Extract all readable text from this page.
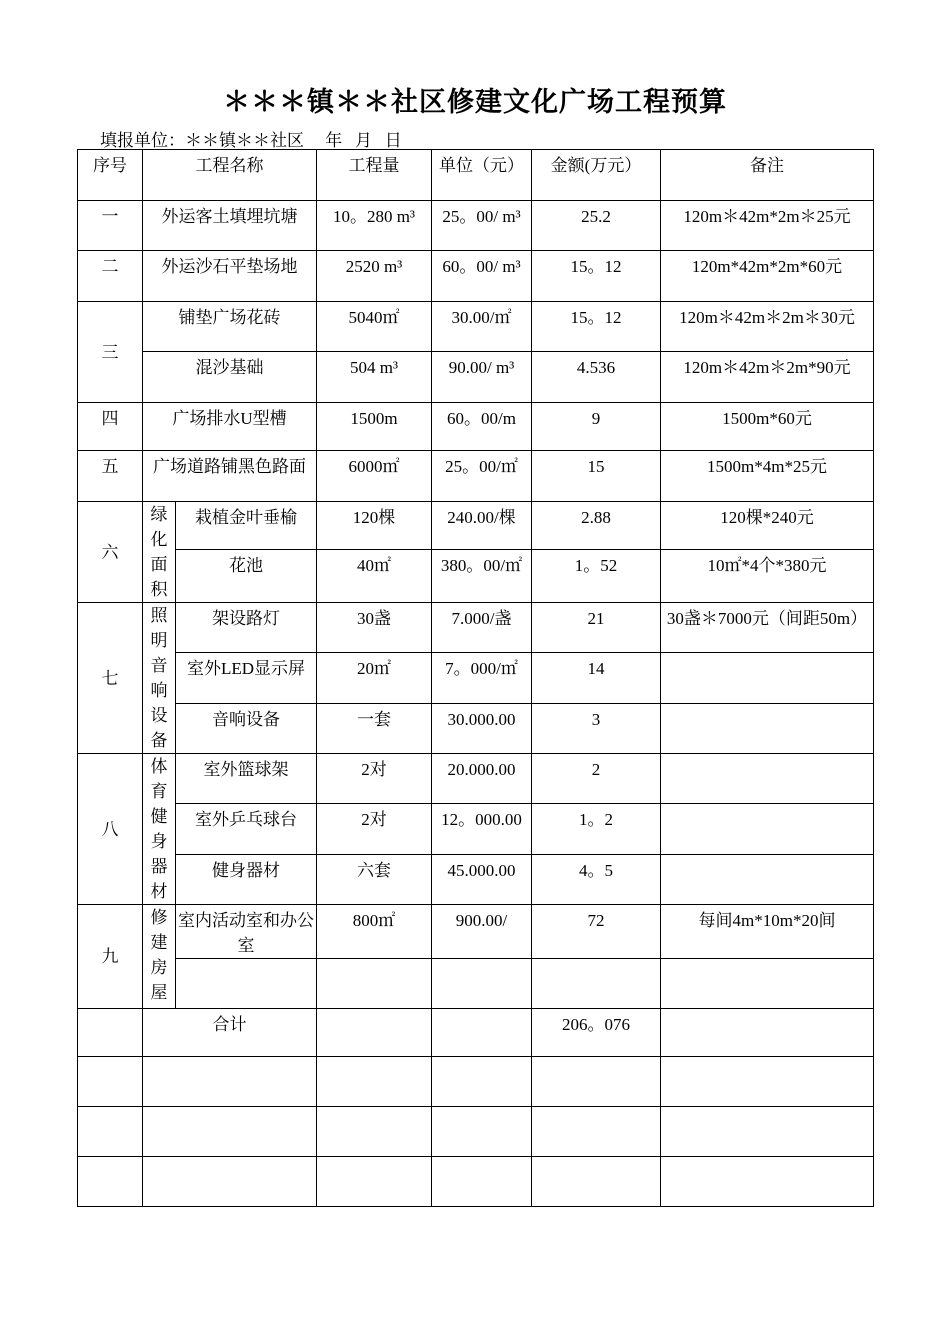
＊＊＊镇＊＊社区修建文化广场工程预算
填报单位：＊＊镇＊＊社区     年   月   日
序号	工程名称		工程量	单位（元）	金额(万元）	备注
一	外运客土填埋坑塘		10。280 m³	25。00/ m³	25.2	120m＊42m*2m＊25元
二	外运沙石平垫场地		2520 m³	60。00/ m³	15。12	120m*42m*2m*60元
三	铺垫广场花砖		5040㎡	30.00/㎡	15。12	120m＊42m＊2m＊30元
	混沙基础		504 m³	90.00/ m³	4.536	120m＊42m＊2m*90元
四	广场排水U型槽		1500m	60。00/m	9	1500m*60元
五	广场道路铺黑色路面		6000㎡	25。00/㎡	15	1500m*4m*25元
六	绿化面积	栽植金叶垂榆	120棵	240.00/棵	2.88	120棵*240元
		花池	40㎡	380。00/㎡	1。52	10㎡*4个*380元
七	照明音响设备	架设路灯	30盏	7.000/盏	21	30盏＊7000元（间距50m）
		室外LED显示屏	20㎡	7。000/㎡	14	
		音响设备	一套	30.000.00	3	
八	体育健身器材	室外篮球架	2对	20.000.00	2	
		室外乒乓球台	2对	12。000.00	1。2	
		健身器材	六套	45.000.00	4。5	
九	修建房屋	室内活动室和办公室	800㎡	900.00/	72	每间4m*10m*20间

	合计				206。076	
